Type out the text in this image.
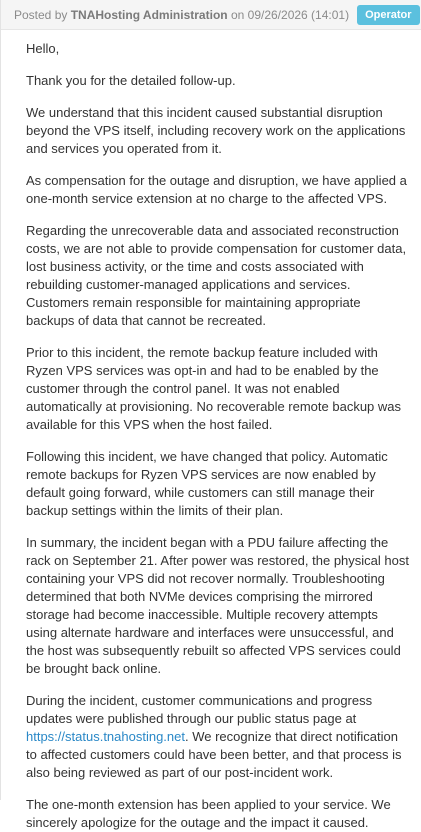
Posted by
TNAHosting Administration
on
09/26/2026 (14:01)	Operator

Hello,

Thank you for the detailed follow-up.

We understand that this incident caused substantial disruption beyond the VPS itself, including recovery work on the applications and services you operated from it.

As compensation for the outage and disruption, we have applied a one-month service extension at no charge to the affected VPS.

Regarding the unrecoverable data and associated reconstruction costs, we are not able to provide compensation for customer data, lost business activity, or the time and costs associated with rebuilding customer-managed applications and services. Customers remain responsible for maintaining appropriate backups of data that cannot be recreated.

Prior to this incident, the remote backup feature included with Ryzen VPS services was opt-in and had to be enabled by the customer through the control panel. It was not enabled automatically at provisioning. No recoverable remote backup was available for this VPS when the host failed.

Following this incident, we have changed that policy. Automatic remote backups for Ryzen VPS services are now enabled by default going forward, while customers can still manage their backup settings within the limits of their plan.

In summary, the incident began with a PDU failure affecting the rack on September 21. After power was restored, the physical host containing your VPS did not recover normally. Troubleshooting determined that both NVMe devices comprising the mirrored storage had become inaccessible. Multiple recovery attempts using alternate hardware and interfaces were unsuccessful, and the host was subsequently rebuilt so affected VPS services could be brought back online.

During the incident, customer communications and progress updates were published through our public status page at https://status.tnahosting.net. We recognize that direct notification to affected customers could have been better, and that process is also being reviewed as part of our post-incident work.

The one-month extension has been applied to your service. We sincerely apologize for the outage and the impact it caused.
